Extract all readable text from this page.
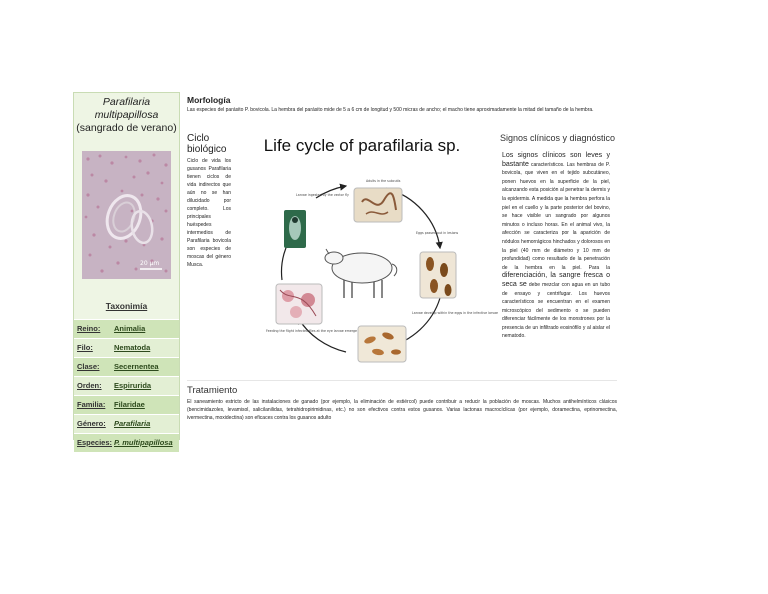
Parafilaria
multipapillosa
(sangrado de verano)
20 µm
Taxonimía
Reino: Animalia
Filo:	Nematoda
Clase: Secernentea
Orden: Espirurida
Familia: Filaridae
Género: Parafilaria
Especies: P. multipapillosa
Morfología
Las especies del parásito P. bovicola. La hembra del parásito mide de 5 a 6 cm de longitud y 500 micras de ancho; el macho tiene aproximadamente la mitad del tamaño de la hembra.
Ciclo biológico
Ciclo de vida los gusanos Parafilaria tienen ciclos de vida indirectos que aún no se han dilucidado por completo. Los principales huéspedes intermedios de Parafilaria bovicola son especies de moscas del género Musca.
Adults in the subcutis
Eggs passed out in lesions
Larvae develop within the eggs in the infective larvae
Feeding the flight infected flies at the eye larvae emerge
Larvae ingested by the vector fly
Life cycle of parafilaria sp.	Signos clínicos y diagnóstico
Los signos clínicos son leves y bastante característicos. Las hembras de P. bovicola, que viven en el tejido subcutáneo, ponen huevos en la superficie de la piel, alcanzando esta posición al penetrar la dermis y la epidermis. A medida que la hembra perfora la piel en el cuello y la parte posterior del bovino, se hace visible un sangrado por algunos minutos o incluso horas. En el animal vivo, la afección se caracteriza por la aparición de nódulos hemorrágicos hinchados y dolorosos en la piel (40 mm de diámetro y 10 mm de profundidad) como resultado de la penetración de la hembra en la piel. Para la diferenciación, la sangre fresca o seca se debe mezclar con agua en un tubo de ensayo y centrifugar. Los huevos característicos se encuentran en el examen microscópico del sedimento o se pueden diferenciar fácilmente de los monstrones por la presencia de un infiltrado eosinófilo y al aislar el nematodo.
Tratamiento
El saneamiento estricto de las instalaciones de ganado (por ejemplo, la eliminación de estiércol) puede contribuir a reducir la población de moscas. Muchos antihelmínticos clásicos (bencimidazoles, levamisol, salicilanilidas, tetrahidropirimidinas, etc.) no son efectivos contra estos gusanos. Varias lactonas macrocíclicas (por ejemplo, doramectina, eprinomectina, ivermectina, moxidectina) son eficaces contra los gusanos adulto
